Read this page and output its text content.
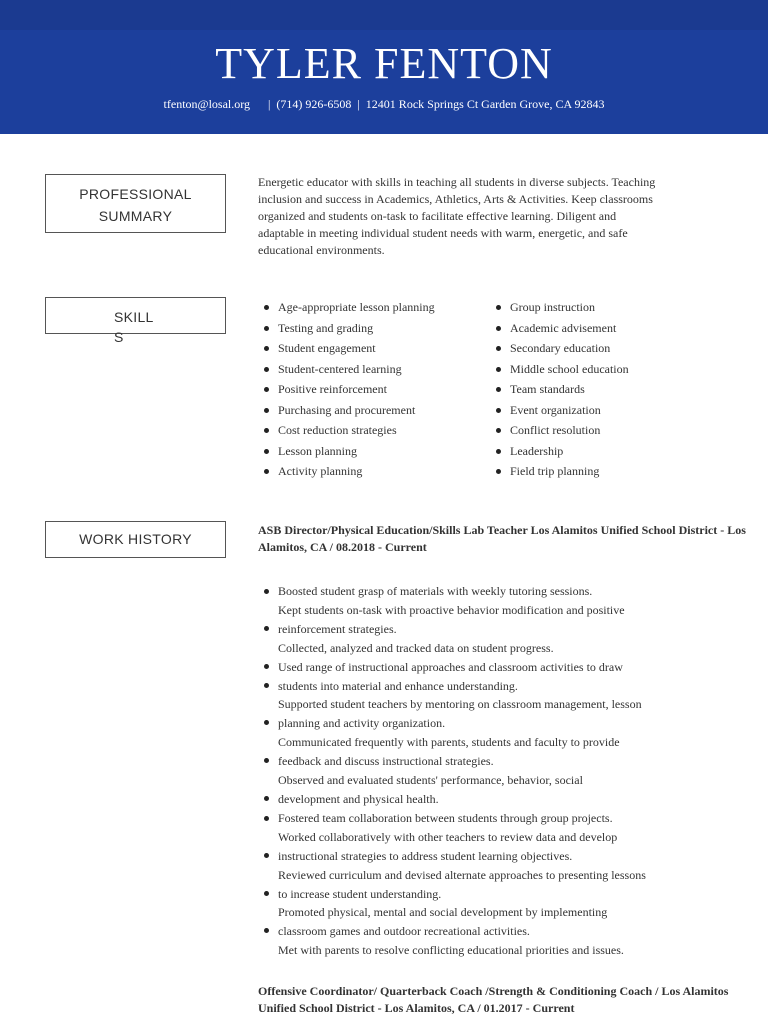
TYLER FENTON
tfenton@losal.org      |  (714) 926-6508  |  12401 Rock Springs Ct Garden Grove, CA 92843
PROFESSIONAL
SUMMARY
Energetic educator with skills in teaching all students in diverse subjects. Teaching inclusion and success in Academics, Athletics, Arts & Activities. Keep classrooms organized and students on-task to facilitate effective learning. Diligent and adaptable in meeting individual student needs with warm, energetic, and safe educational environments.
SKILL
S
Age-appropriate lesson planning
Testing and grading
Student engagement
Student-centered learning
Positive reinforcement
Purchasing and procurement
Cost reduction strategies
Lesson planning
Activity planning
Group instruction
Academic advisement
Secondary education
Middle school education
Team standards
Event organization
Conflict resolution
Leadership
Field trip planning
WORK HISTORY
ASB Director/Physical Education/Skills Lab Teacher Los Alamitos Unified School District - Los
Alamitos, CA / 08.2018 - Current
Boosted student grasp of materials with weekly tutoring sessions.
Kept students on-task with proactive behavior modification and positive reinforcement strategies.
Collected, analyzed and tracked data on student progress.
Used range of instructional approaches and classroom activities to draw students into material and enhance understanding.
Supported student teachers by mentoring on classroom management, lesson planning and activity organization.
Communicated frequently with parents, students and faculty to provide feedback and discuss instructional strategies.
Observed and evaluated students' performance, behavior, social development and physical health.
Fostered team collaboration between students through group projects.
Worked collaboratively with other teachers to review data and develop instructional strategies to address student learning objectives.
Reviewed curriculum and devised alternate approaches to presenting lessons to increase student understanding.
Promoted physical, mental and social development by implementing classroom games and outdoor recreational activities.
Met with parents to resolve conflicting educational priorities and issues.
Offensive Coordinator/ Quarterback Coach /Strength & Conditioning Coach / Los Alamitos
Unified School District - Los Alamitos, CA / 01.2017 - Current
